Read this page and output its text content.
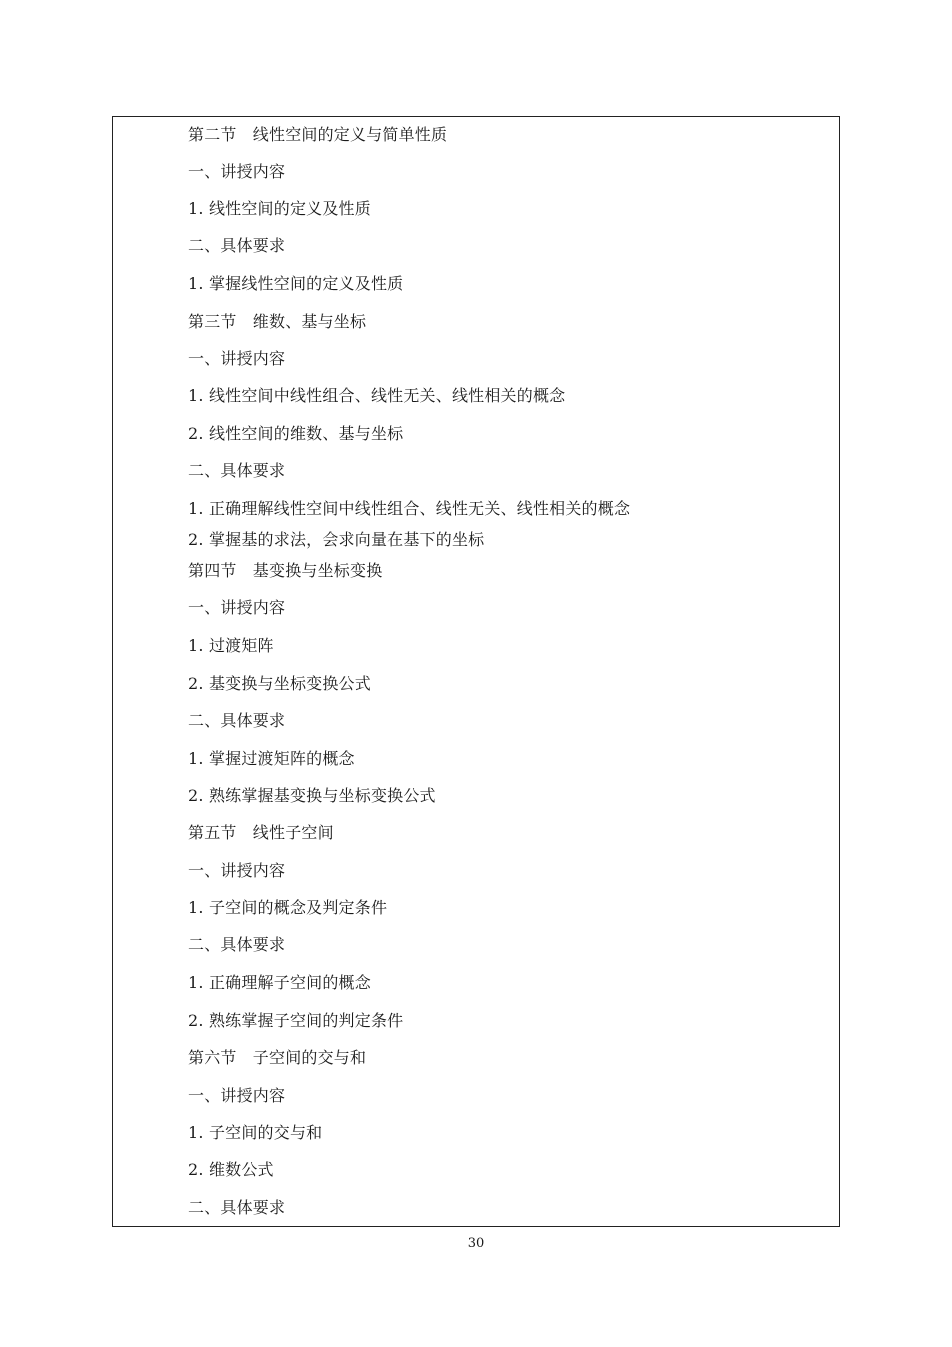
第二节　线性空间的定义与简单性质
一、讲授内容
1. 线性空间的定义及性质
二、具体要求
1. 掌握线性空间的定义及性质
第三节　维数、基与坐标
一、讲授内容
1. 线性空间中线性组合、线性无关、线性相关的概念
2. 线性空间的维数、基与坐标
二、具体要求
1. 正确理解线性空间中线性组合、线性无关、线性相关的概念
2. 掌握基的求法，会求向量在基下的坐标
第四节　基变换与坐标变换
一、讲授内容
1. 过渡矩阵
2. 基变换与坐标变换公式
二、具体要求
1. 掌握过渡矩阵的概念
2. 熟练掌握基变换与坐标变换公式
第五节　线性子空间
一、讲授内容
1. 子空间的概念及判定条件
二、具体要求
1. 正确理解子空间的概念
2. 熟练掌握子空间的判定条件
第六节　子空间的交与和
一、讲授内容
1. 子空间的交与和
2. 维数公式
二、具体要求
30
